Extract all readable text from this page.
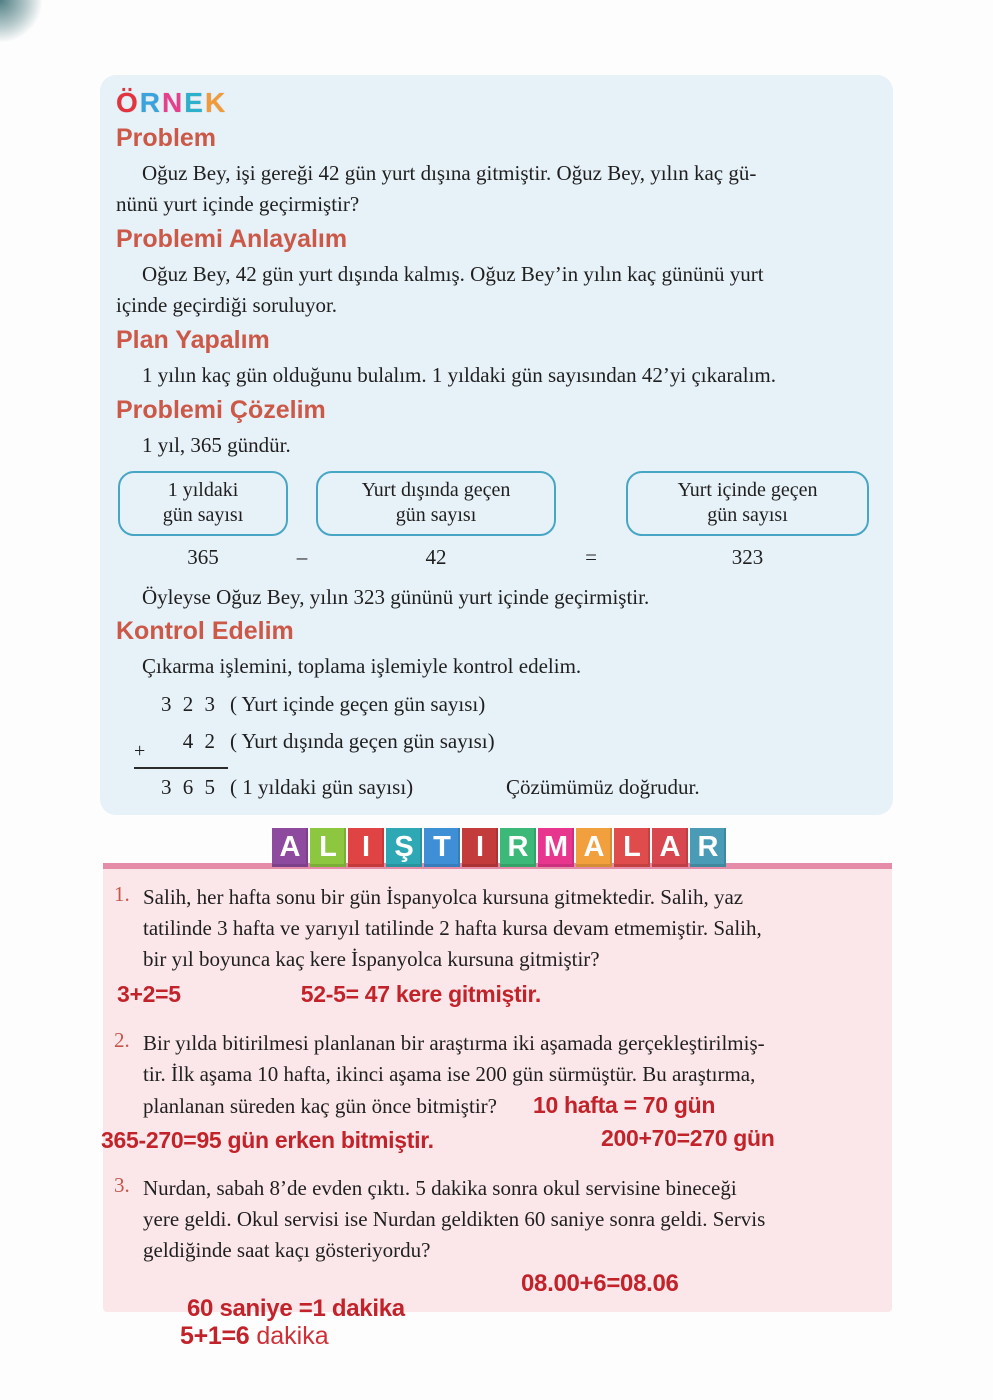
ÖRNEK
Problem
Oğuz Bey, işi gereği 42 gün yurt dışına gitmiştir. Oğuz Bey, yılın kaç gü-
nünü yurt içinde geçirmiştir?
Problemi Anlayalım
Oğuz Bey, 42 gün yurt dışında kalmış. Oğuz Bey’in yılın kaç gününü yurt
içinde geçirdiği soruluyor.
Plan Yapalım
1 yılın kaç gün olduğunu bulalım. 1 yıldaki gün sayısından 42’yi çıkaralım.
Problemi Çözelim
1 yıl, 365 gündür.
1 yıldaki
gün sayısı
Yurt dışında geçen
gün sayısı
Yurt içinde geçen
gün sayısı
365	–	42	=	323
Öyleyse Oğuz Bey, yılın 323 gününü yurt içinde geçirmiştir.
Kontrol Edelim
Çıkarma işlemini, toplama işlemiyle kontrol edelim.
3 2 3 ( Yurt içinde geçen gün sayısı)
+	4 2 ( Yurt dışında geçen gün sayısı)
3 6 5 ( 1 yıldaki gün sayısı)	Çözümümüz doğrudur.
A L I Ş T I R M A L A R
1. Salih, her hafta sonu bir gün İspanyolca kursuna gitmektedir. Salih, yaz
tatilinde 3 hafta ve yarıyıl tatilinde 2 hafta kursa devam etmemiştir. Salih,
bir yıl boyunca kaç kere İspanyolca kursuna gitmiştir?
3+2=5	52-5= 47 kere gitmiştir.
2. Bir yılda bitirilmesi planlanan bir araştırma iki aşamada gerçekleştirilmiş-
tir. İlk aşama 10 hafta, ikinci aşama ise 200 gün sürmüştür. Bu araştırma,
planlanan süreden kaç gün önce bitmiştir? 10 hafta = 70 gün
365-270=95 gün erken bitmiştir.	200+70=270 gün
3. Nurdan, sabah 8’de evden çıktı. 5 dakika sonra okul servisine bineceği
yere geldi. Okul servisi ise Nurdan geldikten 60 saniye sonra geldi. Servis
geldiğinde saat kaçı gösteriyordu?
08.00+6=08.06
60 saniye =1 dakika
5+1=6 dakika
